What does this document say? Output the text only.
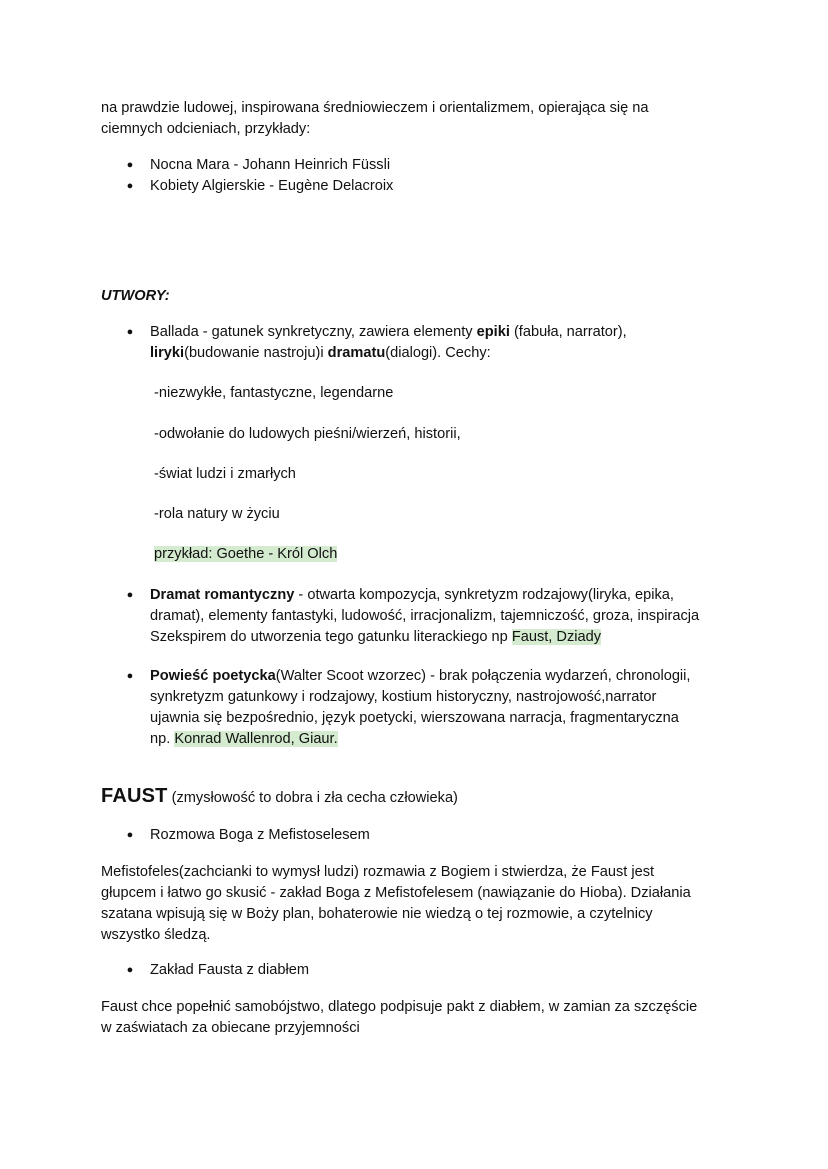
na prawdzie ludowej, inspirowana średniowieczem i orientalizmem, opierająca się na
ciemnych odcieniach, przykłady:

● Nocna Mara - Johann Heinrich Füssli
● Kobiety Algierskie - Eugène Delacroix
UTWORY:
● Ballada - gatunek synkretyczny, zawiera elementy epiki (fabuła, narrator),
liryki(budowanie nastroju)i dramatu(dialogi). Cechy:
-niezwykłe, fantastyczne, legendarne
-odwołanie do ludowych pieśni/wierzeń, historii,
-świat ludzi i zmarłych
-rola natury w życiu
przykład: Goethe - Król Olch
● Dramat romantyczny - otwarta kompozycja, synkretyzm rodzajowy(liryka, epika,
dramat), elementy fantastyki, ludowość, irracjonalizm, tajemniczość, groza, inspiracja
Szekspirem do utworzenia tego gatunku literackiego np Faust, Dziady
● Powieść poetycka(Walter Scoot wzorzec) - brak połączenia wydarzeń, chronologii,
synkretyzm gatunkowy i rodzajowy, kostium historyczny, nastrojowość,narrator
ujawnia się bezpośrednio, język poetycki, wierszowana narracja, fragmentaryczna
np. Konrad Wallenrod, Giaur.
FAUST (zmysłowość to dobra i zła cecha człowieka)
● Rozmowa Boga z Mefistoselesem

Mefistofeles(zachcianki to wymysł ludzi) rozmawia z Bogiem i stwierdza, że Faust jest
głupcem i łatwo go skusić - zakład Boga z Mefistofelesem (nawiązanie do Hioba). Działania
szatana wpisują się w Boży plan, bohaterowie nie wiedzą o tej rozmowie, a czytelnicy
wszystko śledzą.

● Zakład Fausta z diabłem

Faust chce popełnić samobójstwo, dlatego podpisuje pakt z diabłem, w zamian za szczęście
w zaświatach za obiecane przyjemności
